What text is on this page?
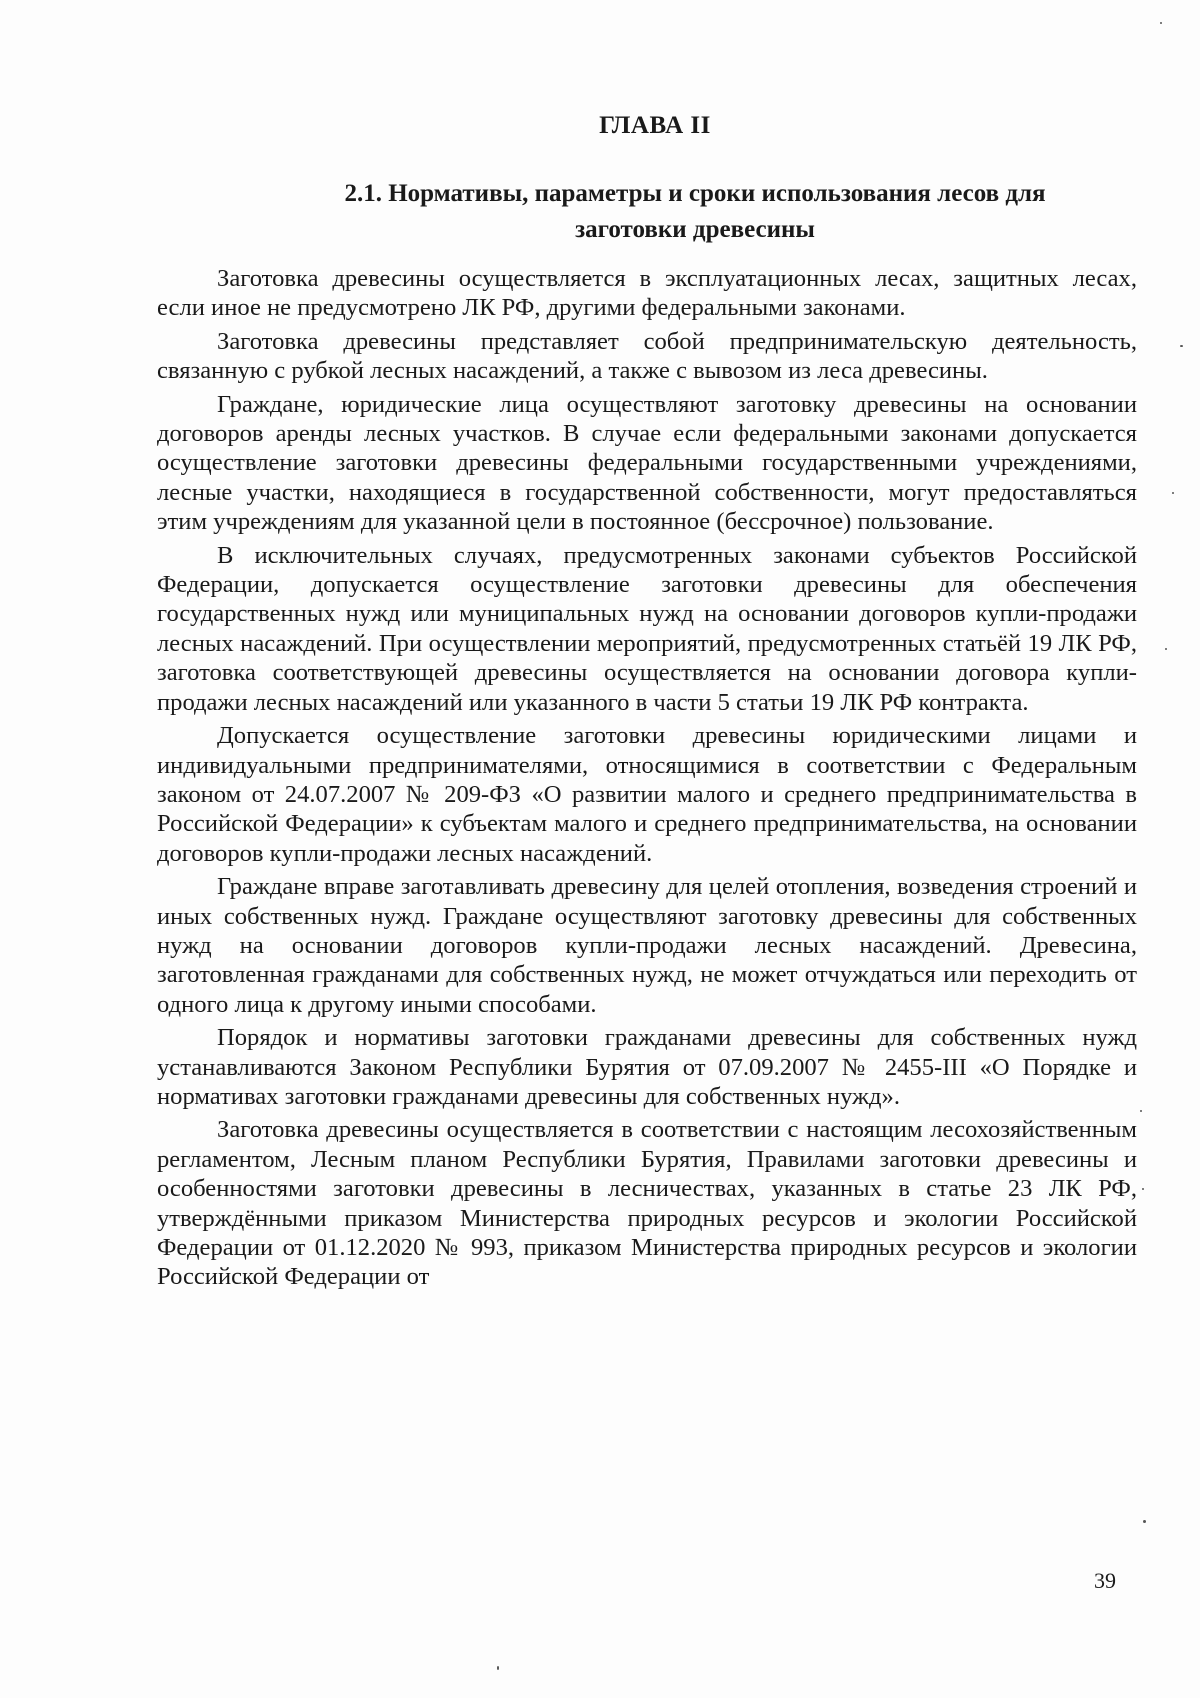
ГЛАВА II
2.1. Нормативы, параметры и сроки использования лесов для
заготовки древесины

Заготовка древесины осуществляется в эксплуатационных лесах, защитных лесах, если иное не предусмотрено ЛК РФ, другими федеральными законами.

Заготовка древесины представляет собой предпринимательскую деятельность, связанную с рубкой лесных насаждений, а также с вывозом из леса древесины.

Граждане, юридические лица осуществляют заготовку древесины на основании договоров аренды лесных участков. В случае если федеральными законами допускается осуществление заготовки древесины федеральными государственными учреждениями, лесные участки, находящиеся в государственной собственности, могут предоставляться этим учреждениям для указанной цели в постоянное (бессрочное) пользование.

В исключительных случаях, предусмотренных законами субъектов Российской Федерации, допускается осуществление заготовки древесины для обеспечения государственных нужд или муниципальных нужд на основании договоров купли-продажи лесных насаждений. При осуществлении мероприятий, предусмотренных статьёй 19 ЛК РФ, заготовка соответствующей древесины осуществляется на основании договора купли-продажи лесных насаждений или указанного в части 5 статьи 19 ЛК РФ контракта.

Допускается осуществление заготовки древесины юридическими лицами и индивидуальными предпринимателями, относящимися в соответствии с Федеральным законом от 24.07.2007 № 209-ФЗ «О развитии малого и среднего предпринимательства в Российской Федерации» к субъектам малого и среднего предпринимательства, на основании договоров купли-продажи лесных насаждений.

Граждане вправе заготавливать древесину для целей отопления, возведения строений и иных собственных нужд. Граждане осуществляют заготовку древесины для собственных нужд на основании договоров купли-продажи лесных насаждений. Древесина, заготовленная гражданами для собственных нужд, не может отчуждаться или переходить от одного лица к другому иными способами.

Порядок и нормативы заготовки гражданами древесины для собственных нужд устанавливаются Законом Республики Бурятия от 07.09.2007 № 2455-III «О Порядке и нормативах заготовки гражданами древесины для собственных нужд».

Заготовка древесины осуществляется в соответствии с настоящим лесохозяйственным регламентом, Лесным планом Республики Бурятия, Правилами заготовки древесины и особенностями заготовки древесины в лесничествах, указанных в статье 23 ЛК РФ, утверждёнными приказом Министерства природных ресурсов и экологии Российской Федерации от 01.12.2020 № 993, приказом Министерства природных ресурсов и экологии Российской Федерации от

39
